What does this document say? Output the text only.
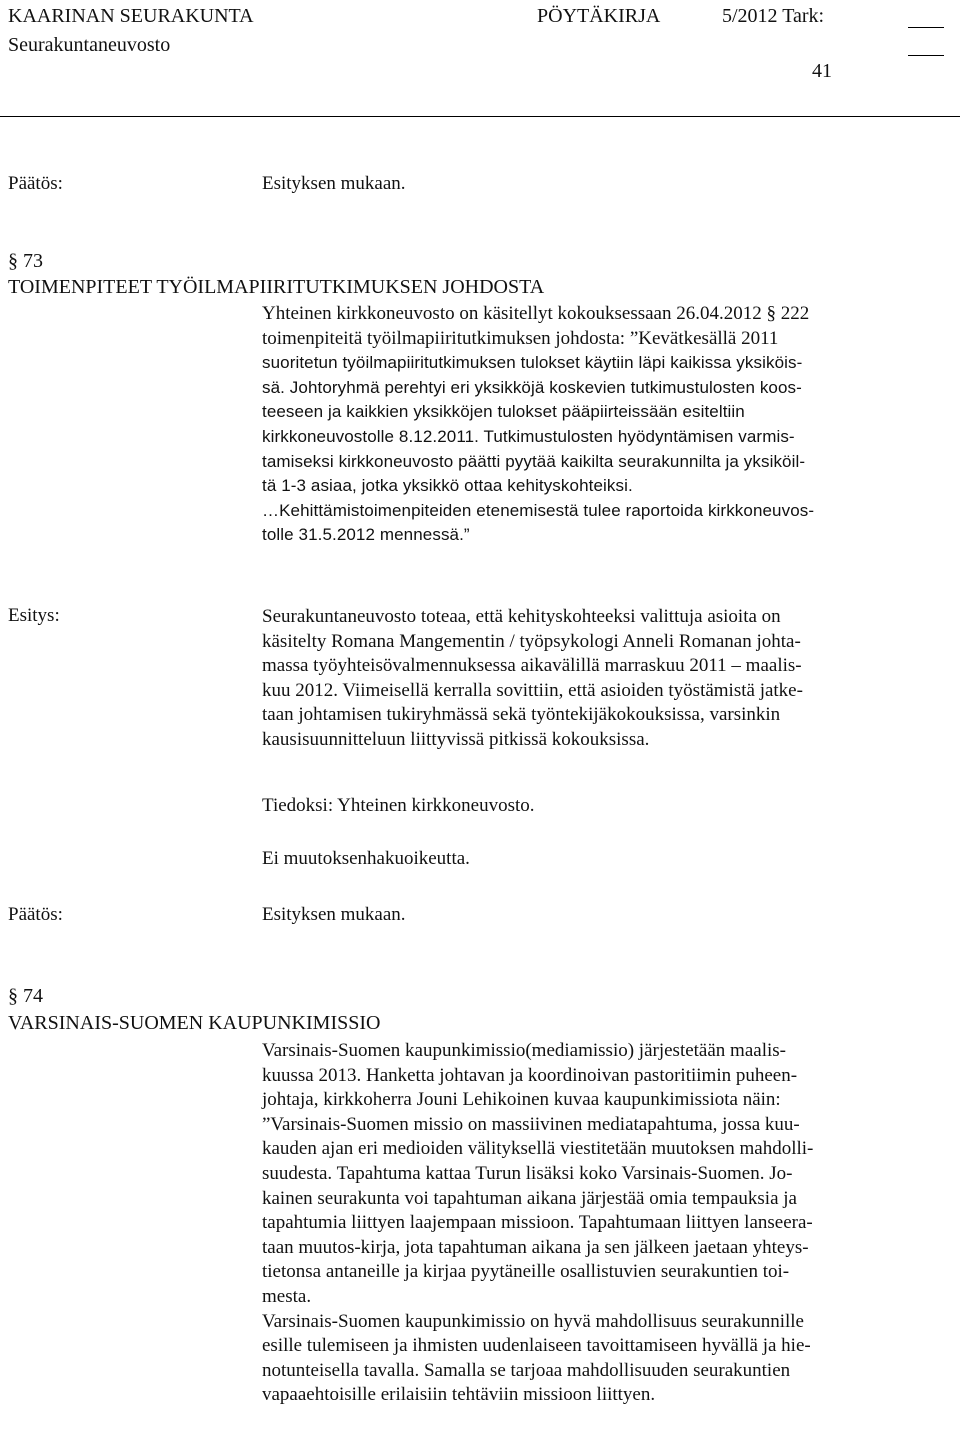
KAARINAN SEURAKUNTA	PÖYTÄKIRJA	5/2012 Tark:
Seurakuntaneuvosto
41
Päätös:	Esityksen mukaan.
§ 73
TOIMENPITEET TYÖILMAPIIRITUTKIMUKSEN JOHDOSTA

Yhteinen kirkkoneuvosto on käsitellyt kokouksessaan 26.04.2012 § 222

toimenpiteitä työilmapiiritutkimuksen johdosta: ”Kevätkesällä 2011

suoritetun työilmapiiritutkimuksen tulokset käytiin läpi kaikissa yksiköis-

sä. Johtoryhmä perehtyi eri yksikköjä koskevien tutkimustulosten koos-

teeseen ja kaikkien yksikköjen tulokset pääpiirteissään esiteltiin

kirkkoneuvostolle 8.12.2011. Tutkimustulosten hyödyntämisen varmis-

tamiseksi kirkkoneuvosto päätti pyytää kaikilta seurakunnilta ja yksiköil-

tä 1-3 asiaa, jotka yksikkö ottaa kehityskohteiksi.

…Kehittämistoimenpiteiden etenemisestä tulee raportoida kirkkoneuvos-

tolle 31.5.2012 mennessä.”

Esitys:	Seurakuntaneuvosto toteaa, että kehityskohteeksi valittuja asioita on

käsitelty Romana Mangementin / työpsykologi Anneli Romanan johta-

massa työyhteisövalmennuksessa aikavälillä marraskuu 2011 – maalis-

kuu 2012. Viimeisellä kerralla sovittiin, että asioiden työstämistä jatke-

taan johtamisen tukiryhmässä sekä työntekijäkokouksissa, varsinkin

kausisuunnitteluun liittyvissä pitkissä kokouksissa.

Tiedoksi: Yhteinen kirkkoneuvosto.
Ei muutoksenhakuoikeutta.
Päätös:	Esityksen mukaan.
§ 74
VARSINAIS-SUOMEN KAUPUNKIMISSIO

Varsinais-Suomen kaupunkimissio(mediamissio) järjestetään maalis-

kuussa 2013. Hanketta johtavan ja koordinoivan pastoritiimin puheen-

johtaja, kirkkoherra Jouni Lehikoinen kuvaa kaupunkimissiota näin:

”Varsinais-Suomen missio on massiivinen mediatapahtuma, jossa kuu-

kauden ajan eri medioiden välityksellä viestitetään muutoksen mahdolli-

suudesta. Tapahtuma kattaa Turun lisäksi koko Varsinais-Suomen. Jo-

kainen seurakunta voi tapahtuman aikana järjestää omia tempauksia ja

tapahtumia liittyen laajempaan missioon. Tapahtumaan liittyen lanseera-

taan muutos-kirja, jota tapahtuman aikana ja sen jälkeen jaetaan yhteys-

tietonsa antaneille ja kirjaa pyytäneille osallistuvien seurakuntien toi-

mesta.

Varsinais-Suomen kaupunkimissio on hyvä mahdollisuus seurakunnille

esille tulemiseen ja ihmisten uudenlaiseen tavoittamiseen hyvällä ja hie-

notunteisella tavalla. Samalla se tarjoaa mahdollisuuden seurakuntien

vapaaehtoisille erilaisiin tehtäviin missioon liittyen.
